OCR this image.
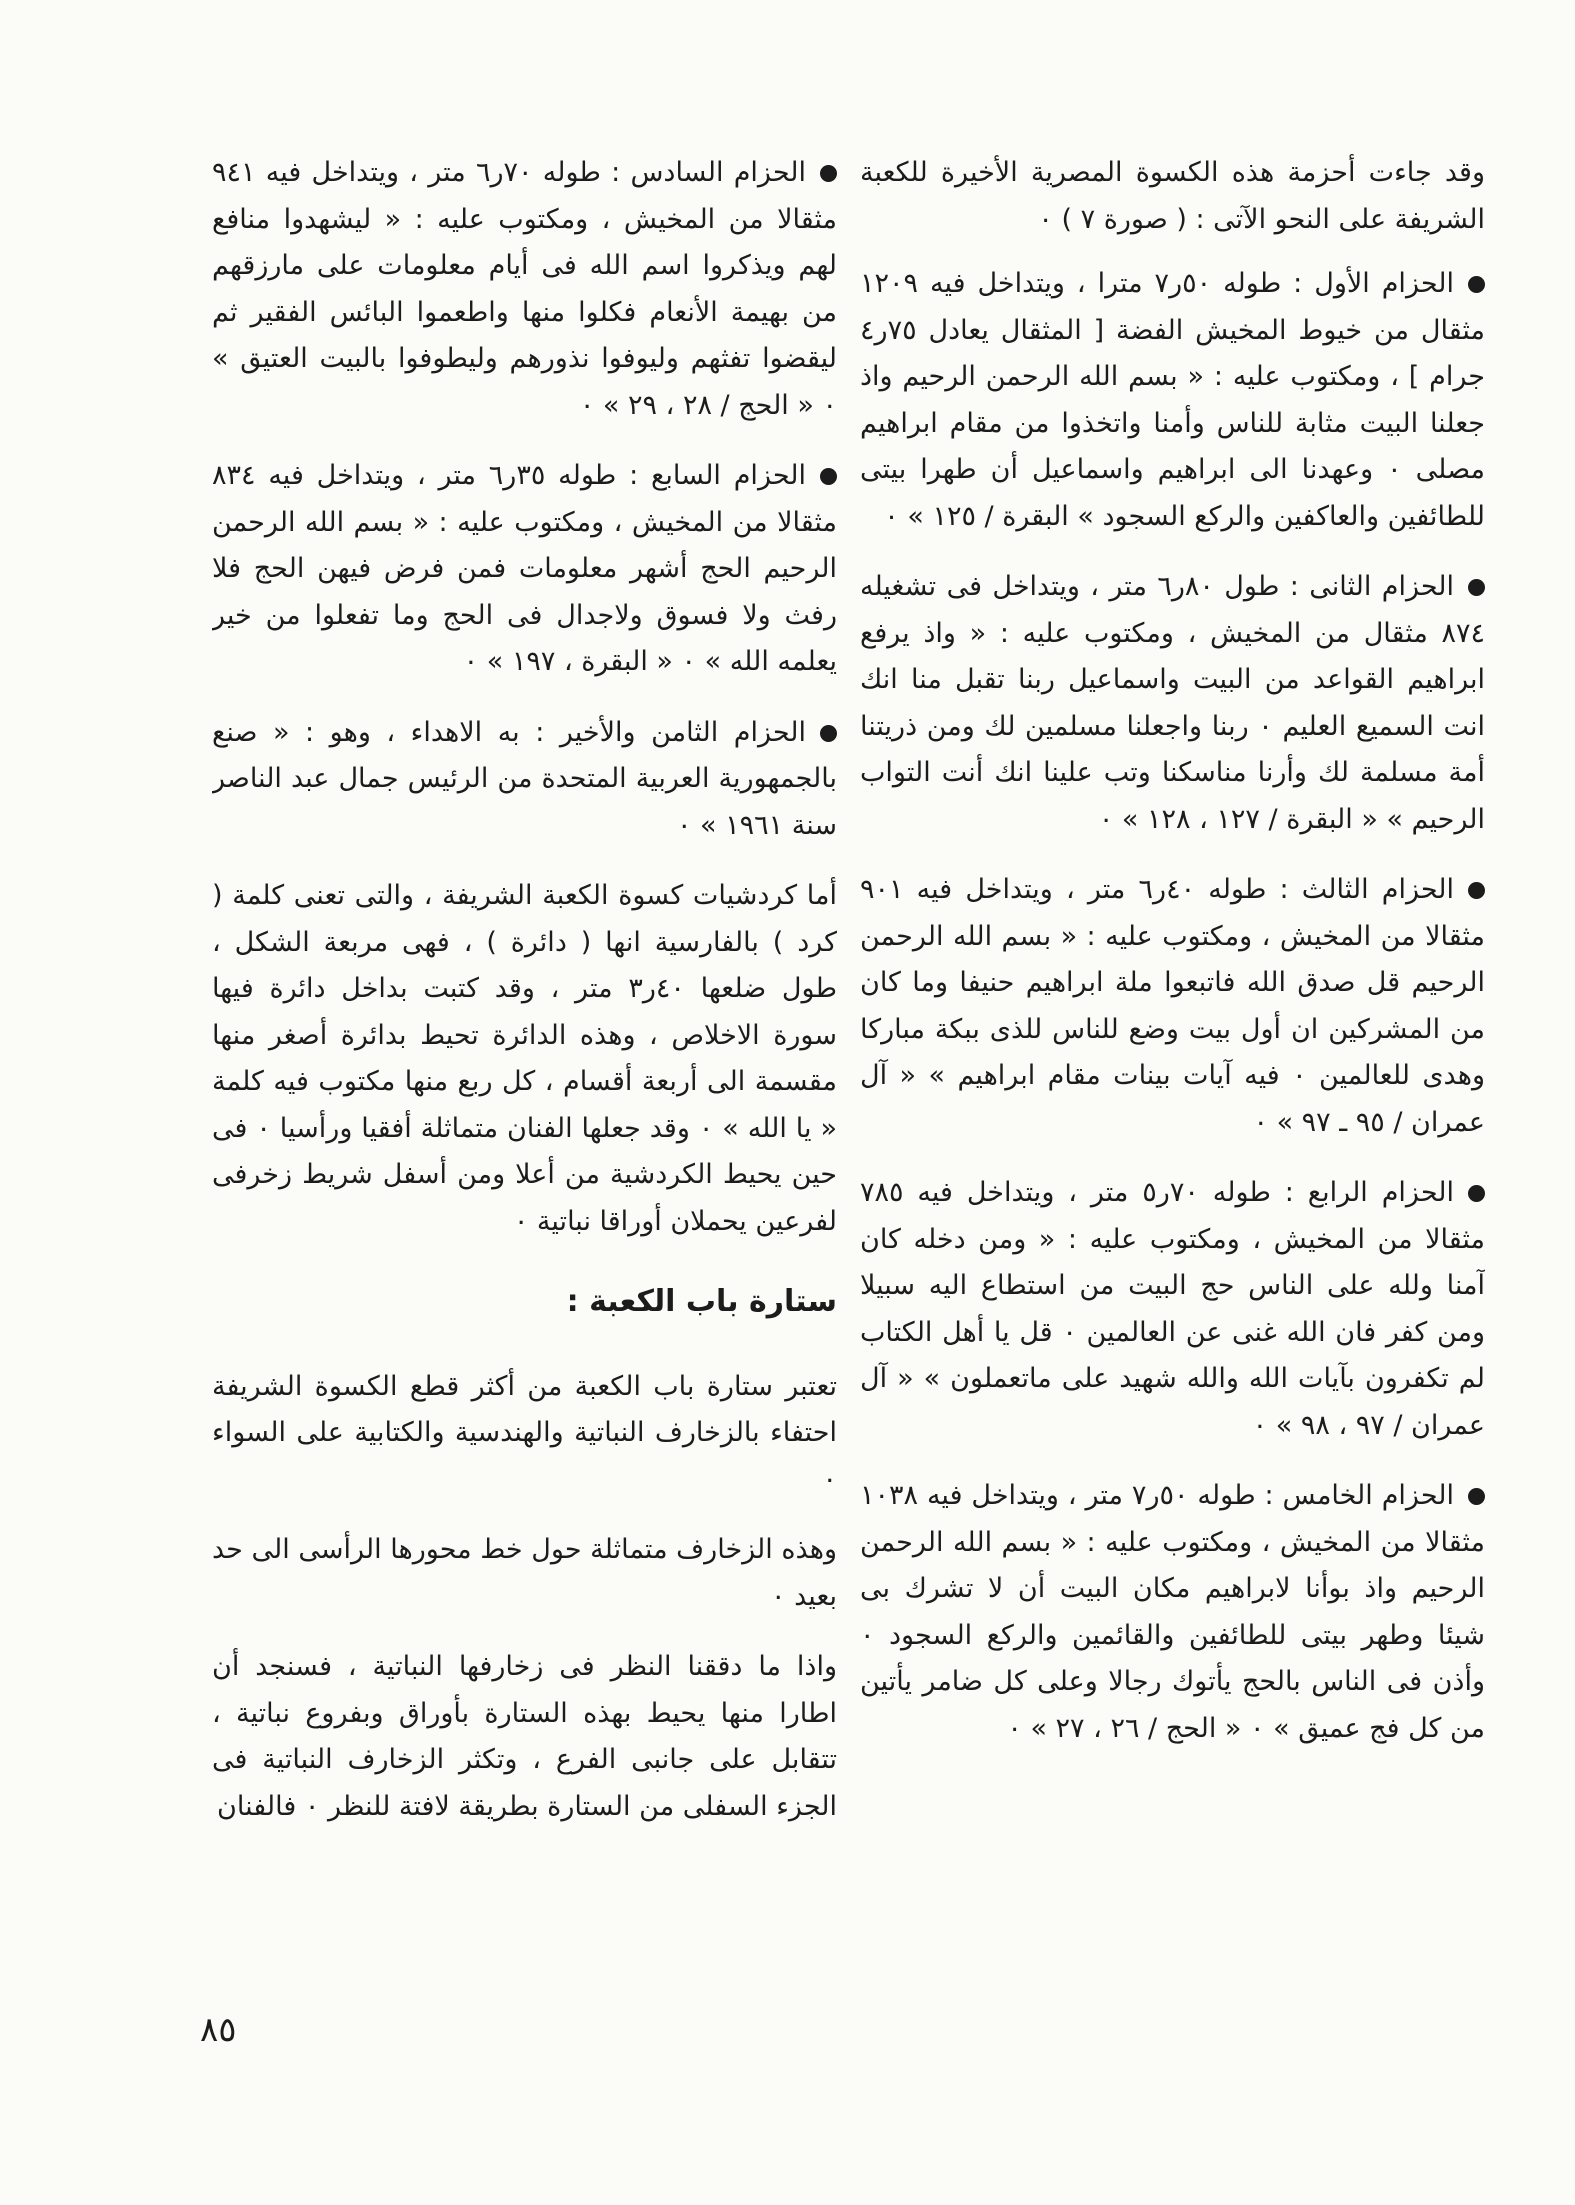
وقد جاءت أحزمة هذه الكسوة المصرية الأخيرة للكعبة الشريفة على النحو الآتى : ( صورة ٧ ) ٠

الحزام الأول : طوله ٥٠ر٧ مترا ، ويتداخل فيه ١٢٠٩ مثقال من خيوط المخيش الفضة [ المثقال يعادل ٧٥ر٤ جرام ] ، ومكتوب عليه : « بسم الله الرحمن الرحيم واذ جعلنا البيت مثابة للناس وأمنا واتخذوا من مقام ابراهيم مصلى ٠ وعهدنا الى ابراهيم واسماعيل أن طهرا بيتى للطائفين والعاكفين والركع السجود » البقرة / ١٢٥ » ٠

الحزام الثانى : طول ٨٠ر٦ متر ، ويتداخل فى تشغيله ٨٧٤ مثقال من المخيش ، ومكتوب عليه : « واذ يرفع ابراهيم القواعد من البيت واسماعيل ربنا تقبل منا انك انت السميع العليم ٠ ربنا واجعلنا مسلمين لك ومن ذريتنا أمة مسلمة لك وأرنا مناسكنا وتب علينا انك أنت التواب الرحيم » « البقرة / ١٢٧ ، ١٢٨ » ٠

الحزام الثالث : طوله ٤٠ر٦ متر ، ويتداخل فيه ٩٠١ مثقالا من المخيش ، ومكتوب عليه : « بسم الله الرحمن الرحيم قل صدق الله فاتبعوا ملة ابراهيم حنيفا وما كان من المشركين ان أول بيت وضع للناس للذى ببكة مباركا وهدى للعالمين ٠ فيه آيات بينات مقام ابراهيم » « آل عمران / ٩٥ ـ ٩٧ » ٠

الحزام الرابع : طوله ٧٠ر٥ متر ، ويتداخل فيه ٧٨٥ مثقالا من المخيش ، ومكتوب عليه : « ومن دخله كان آمنا ولله على الناس حج البيت من استطاع اليه سبيلا ومن كفر فان الله غنى عن العالمين ٠ قل يا أهل الكتاب لم تكفرون بآيات الله والله شهيد على ماتعملون » « آل عمران / ٩٧ ، ٩٨ » ٠

الحزام الخامس : طوله ٥٠ر٧ متر ، ويتداخل فيه ١٠٣٨ مثقالا من المخيش ، ومكتوب عليه : « بسم الله الرحمن الرحيم واذ بوأنا لابراهيم مكان البيت أن لا تشرك بى شيئا وطهر بيتى للطائفين والقائمين والركع السجود ٠ وأذن فى الناس بالحج يأتوك رجالا وعلى كل ضامر يأتين من كل فج عميق » ٠ « الحج / ٢٦ ، ٢٧ » ٠

الحزام السادس : طوله ٧٠ر٦ متر ، ويتداخل فيه ٩٤١ مثقالا من المخيش ، ومكتوب عليه : « ليشهدوا منافع لهم ويذكروا اسم الله فى أيام معلومات على مارزقهم من بهيمة الأنعام فكلوا منها واطعموا البائس الفقير ثم ليقضوا تفثهم وليوفوا نذورهم وليطوفوا بالبيت العتيق » ٠ « الحج / ٢٨ ، ٢٩ » ٠

الحزام السابع : طوله ٣٥ر٦ متر ، ويتداخل فيه ٨٣٤ مثقالا من المخيش ، ومكتوب عليه : « بسم الله الرحمن الرحيم الحج أشهر معلومات فمن فرض فيهن الحج فلا رفث ولا فسوق ولاجدال فى الحج وما تفعلوا من خير يعلمه الله » ٠ « البقرة ، ١٩٧ » ٠

الحزام الثامن والأخير : به الاهداء ، وهو : « صنع بالجمهورية العربية المتحدة من الرئيس جمال عبد الناصر سنة ١٩٦١ » ٠

أما كردشيات كسوة الكعبة الشريفة ، والتى تعنى كلمة ( كرد ) بالفارسية انها ( دائرة ) ، فهى مربعة الشكل ، طول ضلعها ٤٠ر٣ متر ، وقد كتبت بداخل دائرة فيها سورة الاخلاص ، وهذه الدائرة تحيط بدائرة أصغر منها مقسمة الى أربعة أقسام ، كل ربع منها مكتوب فيه كلمة « يا الله » ٠ وقد جعلها الفنان متماثلة أفقيا ورأسيا ٠ فى حين يحيط الكردشية من أعلا ومن أسفل شريط زخرفى لفرعين يحملان أوراقا نباتية ٠

ستارة باب الكعبة :

تعتبر ستارة باب الكعبة من أكثر قطع الكسوة الشريفة احتفاء بالزخارف النباتية والهندسية والكتابية على السواء ٠

وهذه الزخارف متماثلة حول خط محورها الرأسى الى حد بعيد ٠

واذا ما دققنا النظر فى زخارفها النباتية ، فسنجد أن اطارا منها يحيط بهذه الستارة بأوراق وبفروع نباتية ، تتقابل على جانبى الفرع ، وتكثر الزخارف النباتية فى الجزء السفلى من الستارة بطريقة لافتة للنظر ٠ فالفنان

٨٥
